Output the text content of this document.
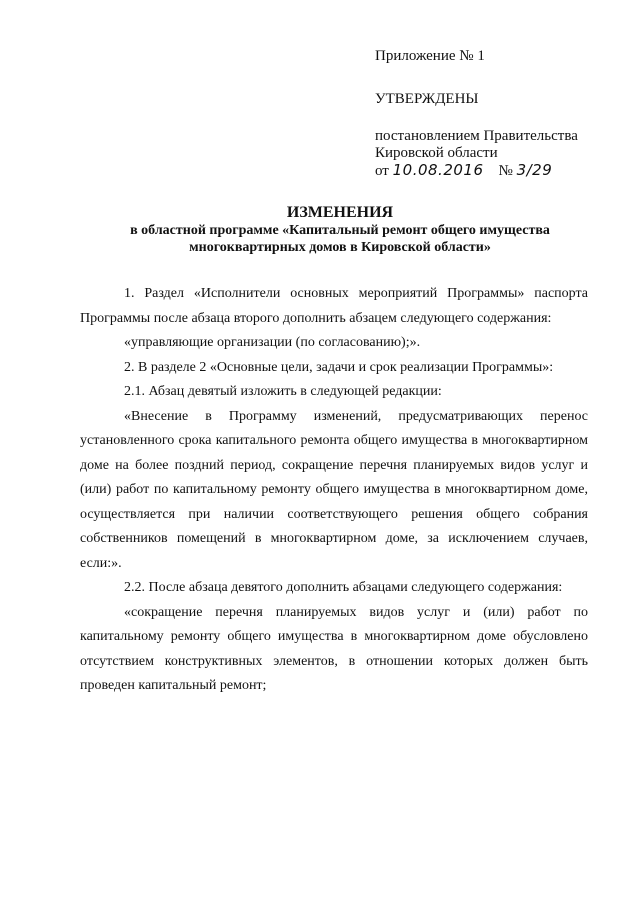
Приложение № 1
УТВЕРЖДЕНЫ
постановлением Правительства
Кировской области
от 10.08.2016 № 3/29
ИЗМЕНЕНИЯ
в областной программе «Капитальный ремонт общего имущества
многоквартирных домов в Кировской области»

1. Раздел «Исполнители основных мероприятий Программы» паспорта Программы после абзаца второго дополнить абзацем следующего содержания:

«управляющие организации (по согласованию);».

2. В разделе 2 «Основные цели, задачи и срок реализации Программы»:

2.1. Абзац девятый изложить в следующей редакции:

«Внесение в Программу изменений, предусматривающих перенос установленного срока капитального ремонта общего имущества в многоквартирном доме на более поздний период, сокращение перечня планируемых видов услуг и (или) работ по капитальному ремонту общего имущества в многоквартирном доме, осуществляется при наличии соответствующего решения общего собрания собственников помещений в многоквартирном доме, за исключением случаев, если:».

2.2. После абзаца девятого дополнить абзацами следующего содержания:

«сокращение перечня планируемых видов услуг и (или) работ по капитальному ремонту общего имущества в многоквартирном доме обусловлено отсутствием конструктивных элементов, в отношении которых должен быть проведен капитальный ремонт;
